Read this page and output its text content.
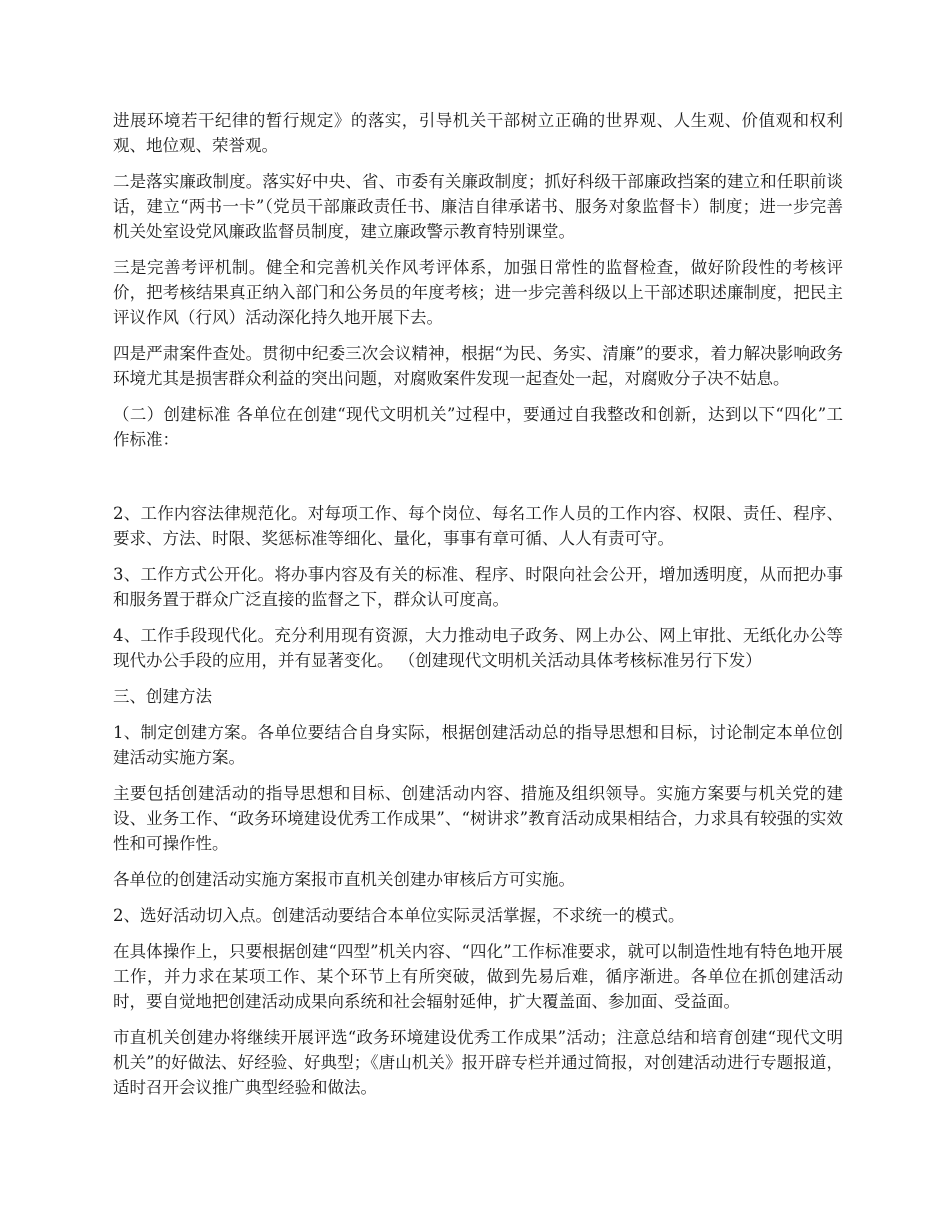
进展环境若干纪律的暂行规定》的落实，引导机关干部树立正确的世界观、人生观、价值观和权利观、地位观、荣誉观。

二是落实廉政制度。落实好中央、省、市委有关廉政制度；抓好科级干部廉政挡案的建立和任职前谈话，建立“两书一卡”（党员干部廉政责任书、廉洁自律承诺书、服务对象监督卡）制度；进一步完善机关处室设党风廉政监督员制度，建立廉政警示教育特别课堂。

三是完善考评机制。健全和完善机关作风考评体系，加强日常性的监督检查，做好阶段性的考核评价，把考核结果真正纳入部门和公务员的年度考核；进一步完善科级以上干部述职述廉制度，把民主评议作风（行风）活动深化持久地开展下去。

四是严肃案件查处。贯彻中纪委三次会议精神，根据“为民、务实、清廉”的要求，着力解决影响政务环境尤其是损害群众利益的突出问题，对腐败案件发现一起查处一起，对腐败分子决不姑息。

（二）创建标准 各单位在创建“现代文明机关”过程中，要通过自我整改和创新，达到以下“四化”工作标准：

2、工作内容法律规范化。对每项工作、每个岗位、每名工作人员的工作内容、权限、责任、程序、要求、方法、时限、奖惩标准等细化、量化，事事有章可循、人人有责可守。

3、工作方式公开化。将办事内容及有关的标准、程序、时限向社会公开，增加透明度，从而把办事和服务置于群众广泛直接的监督之下，群众认可度高。

4、工作手段现代化。充分利用现有资源，大力推动电子政务、网上办公、网上审批、无纸化办公等现代办公手段的应用，并有显著变化。 （创建现代文明机关活动具体考核标准另行下发）

三、创建方法

1、制定创建方案。各单位要结合自身实际，根据创建活动总的指导思想和目标，讨论制定本单位创建活动实施方案。

主要包括创建活动的指导思想和目标、创建活动内容、措施及组织领导。实施方案要与机关党的建设、业务工作、“政务环境建设优秀工作成果”、“树讲求”教育活动成果相结合，力求具有较强的实效性和可操作性。

各单位的创建活动实施方案报市直机关创建办审核后方可实施。

2、选好活动切入点。创建活动要结合本单位实际灵活掌握，不求统一的模式。

在具体操作上，只要根据创建“四型”机关内容、“四化”工作标准要求，就可以制造性地有特色地开展工作，并力求在某项工作、某个环节上有所突破，做到先易后难，循序渐进。各单位在抓创建活动时，要自觉地把创建活动成果向系统和社会辐射延伸，扩大覆盖面、参加面、受益面。

市直机关创建办将继续开展评选“政务环境建设优秀工作成果”活动；注意总结和培育创建“现代文明机关”的好做法、好经验、好典型；《唐山机关》报开辟专栏并通过简报，对创建活动进行专题报道，适时召开会议推广典型经验和做法。
